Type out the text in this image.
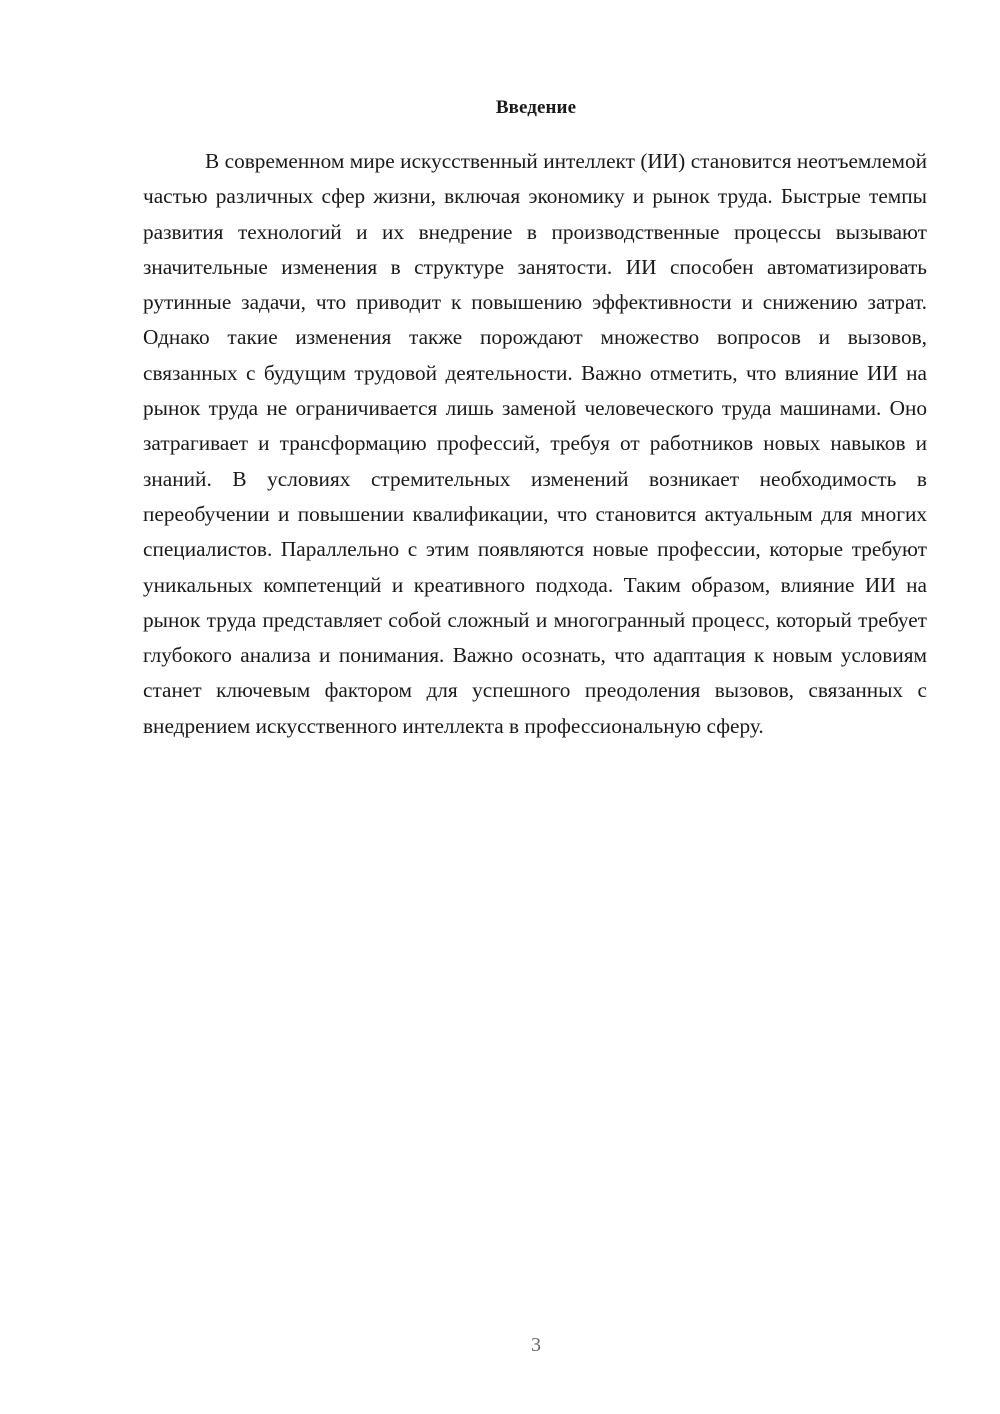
Введение

В современном мире искусственный интеллект (ИИ) становится неотъемлемой частью различных сфер жизни, включая экономику и рынок труда. Быстрые темпы развития технологий и их внедрение в производственные процессы вызывают значительные изменения в структуре занятости. ИИ способен автоматизировать рутинные задачи, что приводит к повышению эффективности и снижению затрат. Однако такие изменения также порождают множество вопросов и вызовов, связанных с будущим трудовой деятельности. Важно отметить, что влияние ИИ на рынок труда не ограничивается лишь заменой человеческого труда машинами. Оно затрагивает и трансформацию профессий, требуя от работников новых навыков и знаний. В условиях стремительных изменений возникает необходимость в переобучении и повышении квалификации, что становится актуальным для многих специалистов. Параллельно с этим появляются новые профессии, которые требуют уникальных компетенций и креативного подхода. Таким образом, влияние ИИ на рынок труда представляет собой сложный и многогранный процесс, который требует глубокого анализа и понимания. Важно осознать, что адаптация к новым условиям станет ключевым фактором для успешного преодоления вызовов, связанных с внедрением искусственного интеллекта в профессиональную сферу.

3
